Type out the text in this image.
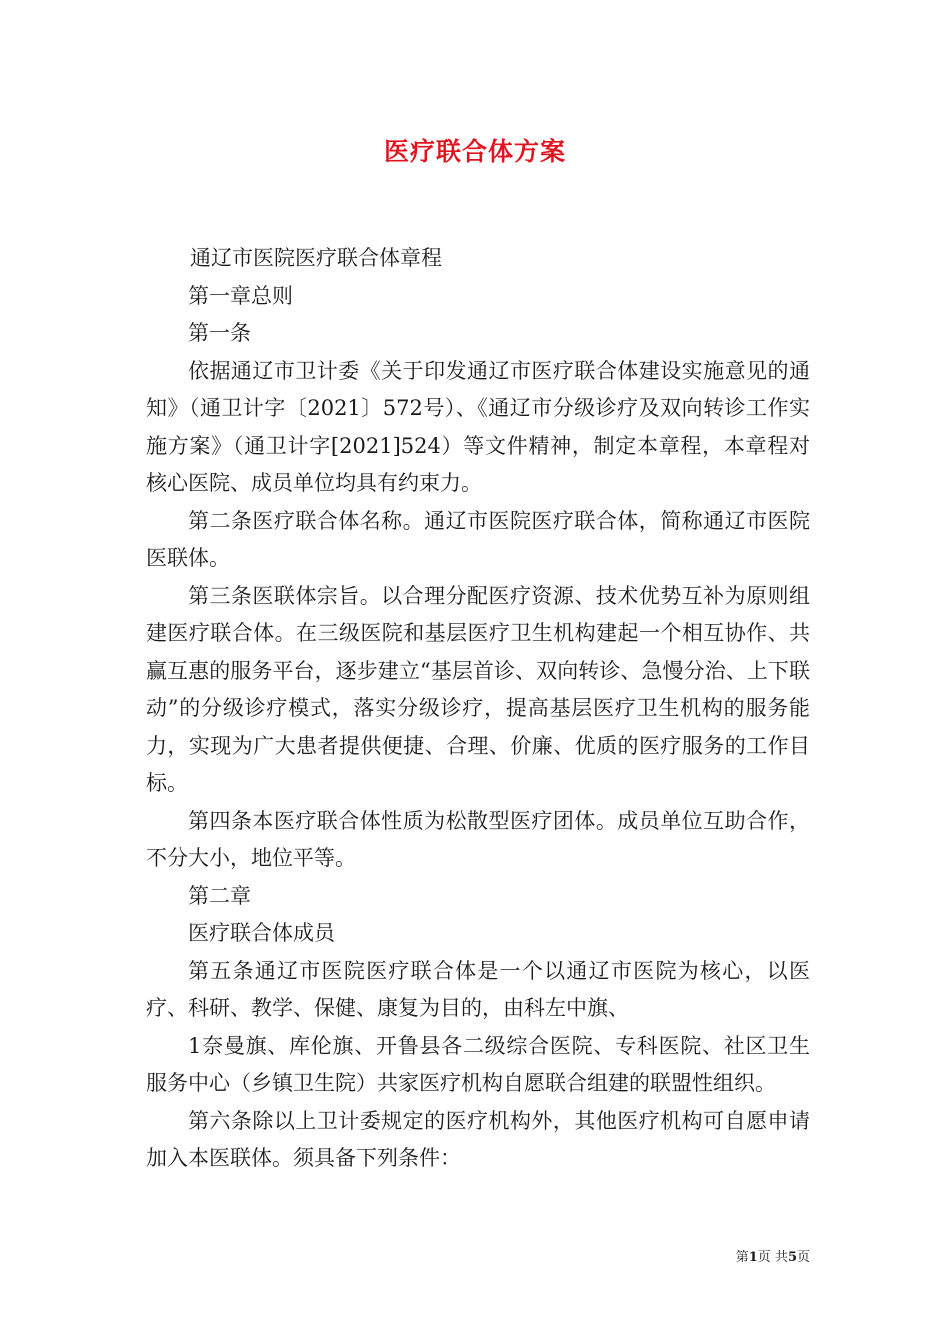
医疗联合体方案

通辽市医院医疗联合体章程

第一章总则

第一条

依据通辽市卫计委《关于印发通辽市医疗联合体建设实施意见的通知》（通卫计字〔2021〕572号）、《通辽市分级诊疗及双向转诊工作实施方案》（通卫计字[2021]524）等文件精神，制定本章程，本章程对核心医院、成员单位均具有约束力。

第二条医疗联合体名称。通辽市医院医疗联合体，简称通辽市医院医联体。

第三条医联体宗旨。以合理分配医疗资源、技术优势互补为原则组建医疗联合体。在三级医院和基层医疗卫生机构建起一个相互协作、共赢互惠的服务平台，逐步建立“基层首诊、双向转诊、急慢分治、上下联动”的分级诊疗模式，落实分级诊疗，提高基层医疗卫生机构的服务能力，实现为广大患者提供便捷、合理、价廉、优质的医疗服务的工作目标。

第四条本医疗联合体性质为松散型医疗团体。成员单位互助合作，不分大小，地位平等。

第二章

医疗联合体成员

第五条通辽市医院医疗联合体是一个以通辽市医院为核心，以医疗、科研、教学、保健、康复为目的，由科左中旗、

1奈曼旗、库伦旗、开鲁县各二级综合医院、专科医院、社区卫生服务中心（乡镇卫生院）共家医疗机构自愿联合组建的联盟性组织。

第六条除以上卫计委规定的医疗机构外，其他医疗机构可自愿申请加入本医联体。须具备下列条件：

第1页 共5页
